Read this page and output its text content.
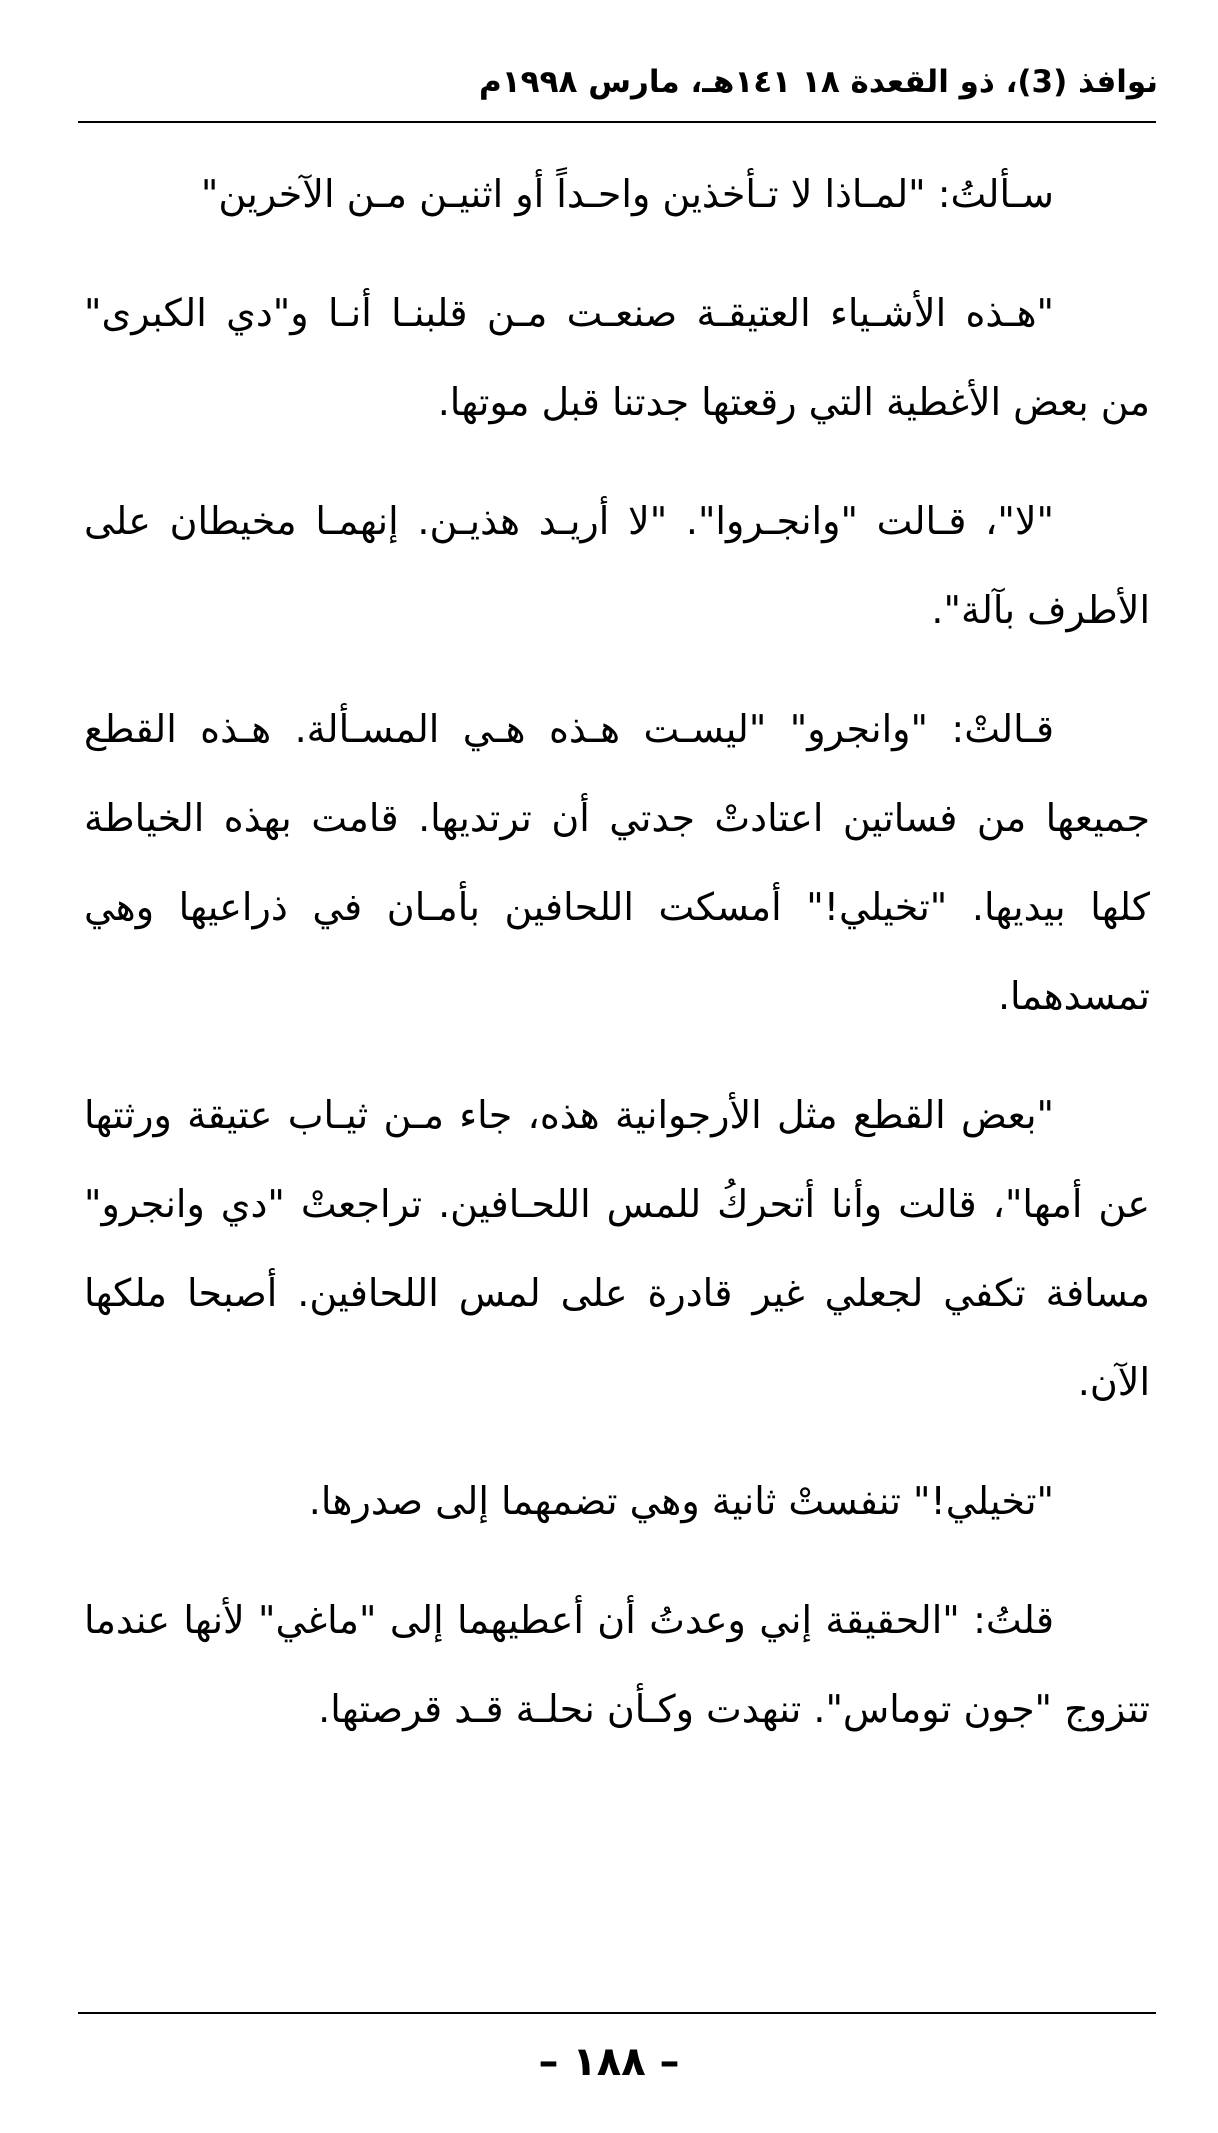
نوافذ (3)، ذو القعدة ١٨ ١٤١هـ، مارس ١٩٩٨م

سـألتُ: "لمـاذا لا تـأخذين واحـداً أو اثنيـن مـن الآخرين"

"هـذه الأشـياء العتيقـة صنعـت مـن قلبنـا أنـا و"دي الكبرى" من بعض الأغطية التي رقعتها جدتنا قبل موتها.

"لا"، قـالت "وانجـروا". "لا أريـد هذيـن. إنهمـا مخيطان على الأطرف بآلة".

قـالتْ: "وانجرو" "ليسـت هـذه هـي المسـألة. هـذه القطع جميعها من فساتين اعتادتْ جدتي أن ترتديها. قامت بهذه الخياطة كلها بيديها. "تخيلي!" أمسكت اللحافين بأمـان في ذراعيها وهي تمسدهما.

"بعض القطع مثل الأرجوانية هذه، جاء مـن ثيـاب عتيقة ورثتها عن أمها"، قالت وأنا أتحركُ للمس اللحـافين. تراجعتْ "دي وانجرو" مسافة تكفي لجعلي غير قادرة على لمس اللحافين. أصبحا ملكها الآن.

"تخيلي!" تنفستْ ثانية وهي تضمهما إلى صدرها.

قلتُ: "الحقيقة إني وعدتُ أن أعطيهما إلى "ماغي" لأنها عندما تتزوج "جون توماس". تنهدت وكـأن نحلـة قـد قرصتها.

– ١٨٨ –
